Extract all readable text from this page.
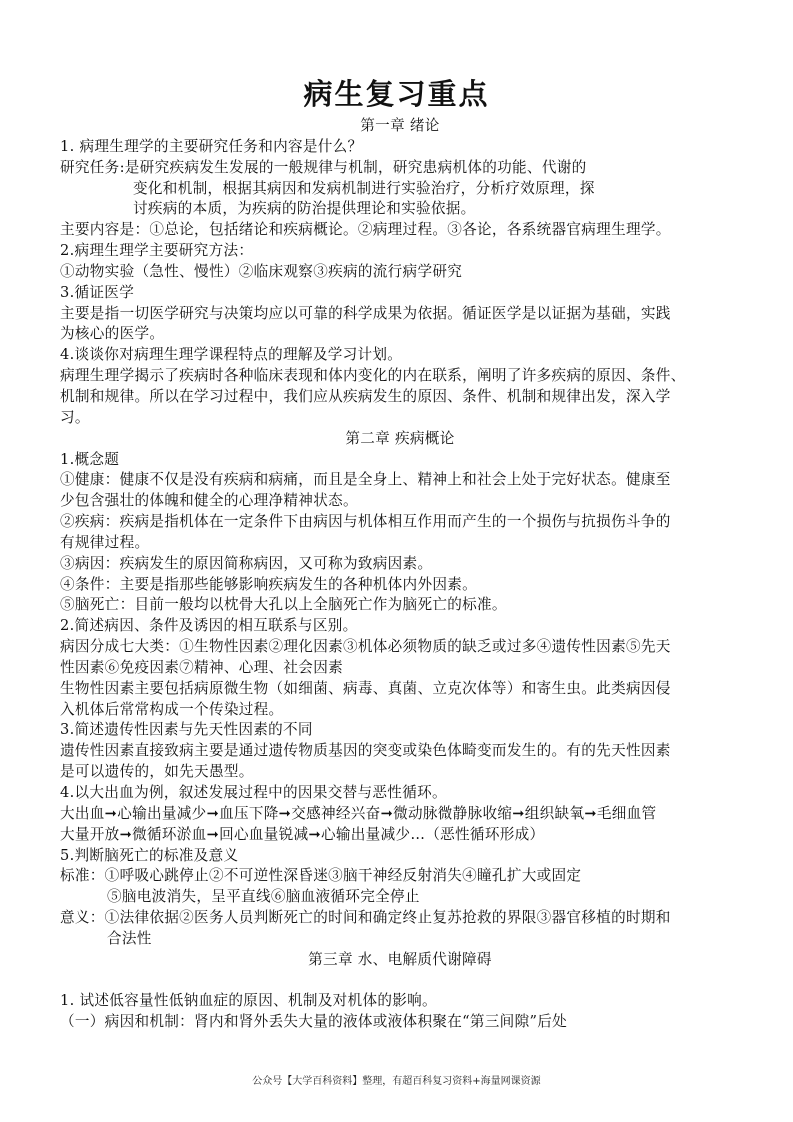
病生复习重点
第一章 绪论
1. 病理生理学的主要研究任务和内容是什么？
研究任务:是研究疾病发生发展的一般规律与机制，研究患病机体的功能、代谢的
变化和机制，根据其病因和发病机制进行实验治疗，分析疗效原理，探
讨疾病的本质，为疾病的防治提供理论和实验依据。
主要内容是：①总论，包括绪论和疾病概论。②病理过程。③各论，各系统器官病理生理学。
2.病理生理学主要研究方法：
①动物实验（急性、慢性）②临床观察③疾病的流行病学研究
3.循证医学
主要是指一切医学研究与决策均应以可靠的科学成果为依据。循证医学是以证据为基础，实践
为核心的医学。
4.谈谈你对病理生理学课程特点的理解及学习计划。
病理生理学揭示了疾病时各种临床表现和体内变化的内在联系，阐明了许多疾病的原因、条件、
机制和规律。所以在学习过程中，我们应从疾病发生的原因、条件、机制和规律出发，深入学
习。
第二章 疾病概论
1.概念题
①健康：健康不仅是没有疾病和病痛，而且是全身上、精神上和社会上处于完好状态。健康至
少包含强壮的体魄和健全的心理净精神状态。
②疾病：疾病是指机体在一定条件下由病因与机体相互作用而产生的一个损伤与抗损伤斗争的
有规律过程。
③病因：疾病发生的原因简称病因，又可称为致病因素。
④条件：主要是指那些能够影响疾病发生的各种机体内外因素。
⑤脑死亡：目前一般均以枕骨大孔以上全脑死亡作为脑死亡的标准。
2.简述病因、条件及诱因的相互联系与区别。
病因分成七大类：①生物性因素②理化因素③机体必须物质的缺乏或过多④遗传性因素⑤先天
性因素⑥免疫因素⑦精神、心理、社会因素
生物性因素主要包括病原微生物（如细菌、病毒、真菌、立克次体等）和寄生虫。此类病因侵
入机体后常常构成一个传染过程。
3.简述遗传性因素与先天性因素的不同
遗传性因素直接致病主要是通过遗传物质基因的突变或染色体畸变而发生的。有的先天性因素
是可以遗传的，如先天愚型。
4.以大出血为例，叙述发展过程中的因果交替与恶性循环。
大出血➞心输出量减少➞血压下降➞交感神经兴奋➞微动脉微静脉收缩➞组织缺氧➞毛细血管
大量开放➞微循环淤血➞回心血量锐减➞心输出量减少…（恶性循环形成）
5.判断脑死亡的标准及意义
标准：①呼吸心跳停止②不可逆性深昏迷③脑干神经反射消失④瞳孔扩大或固定
⑤脑电波消失，呈平直线⑥脑血液循环完全停止
意义：①法律依据②医务人员判断死亡的时间和确定终止复苏抢救的界限③器官移植的时期和
合法性
第三章 水、电解质代谢障碍
1. 试述低容量性低钠血症的原因、机制及对机体的影响。
（一）病因和机制：肾内和肾外丢失大量的液体或液体积聚在“第三间隙”后处
公众号【大学百科资料】整理，有超百科复习资料+海量网课资源
